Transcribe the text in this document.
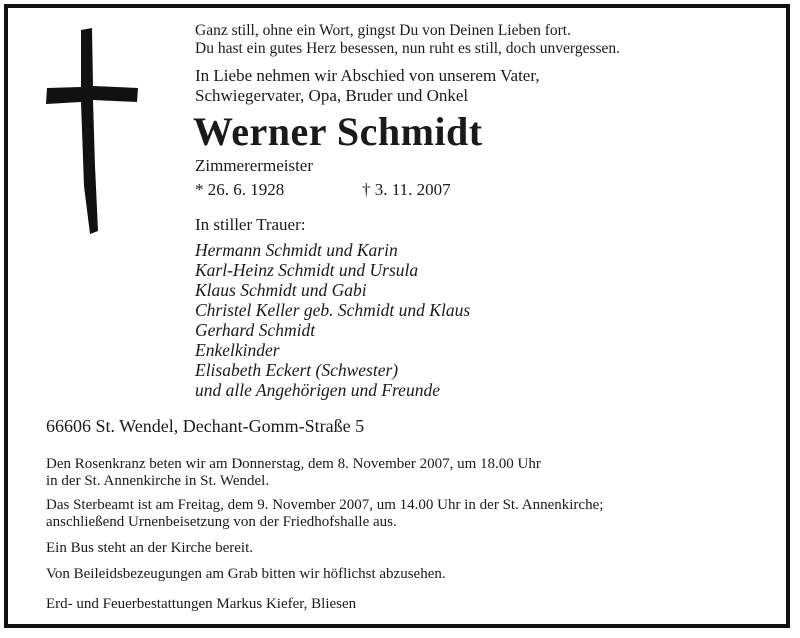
Ganz still, ohne ein Wort, gingst Du von Deinen Lieben fort.
Du hast ein gutes Herz besessen, nun ruht es still, doch unvergessen.
In Liebe nehmen wir Abschied von unserem Vater,
Schwiegervater, Opa, Bruder und Onkel
Werner Schmidt
Zimmerermeister
* 26. 6. 1928	† 3. 11. 2007
In stiller Trauer:
Hermann Schmidt und Karin
Karl-Heinz Schmidt und Ursula
Klaus Schmidt und Gabi
Christel Keller geb. Schmidt und Klaus
Gerhard Schmidt
Enkelkinder
Elisabeth Eckert (Schwester)
und alle Angehörigen und Freunde
66606 St. Wendel, Dechant-Gomm-Straße 5
Den Rosenkranz beten wir am Donnerstag, dem 8. November 2007, um 18.00 Uhr
in der St. Annenkirche in St. Wendel.
Das Sterbeamt ist am Freitag, dem 9. November 2007, um 14.00 Uhr in der St. Annenkirche;
anschließend Urnenbeisetzung von der Friedhofshalle aus.
Ein Bus steht an der Kirche bereit.
Von Beileidsbezeugungen am Grab bitten wir höflichst abzusehen.
Erd- und Feuerbestattungen Markus Kiefer, Bliesen
